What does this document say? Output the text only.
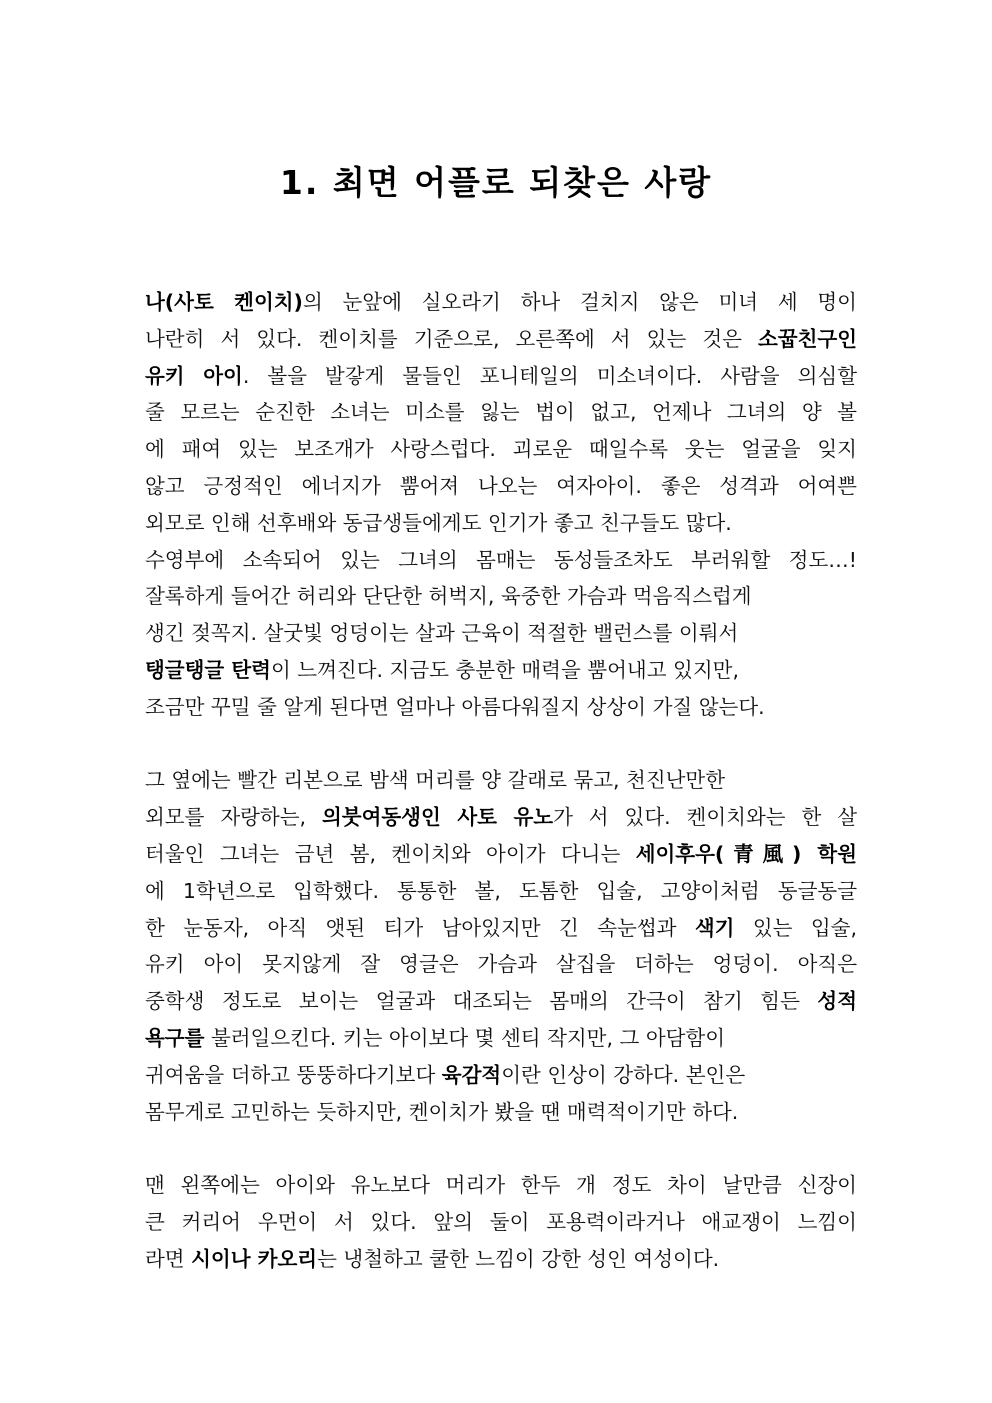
1. 최면 어플로 되찾은 사랑
나(사토 켄이치)의 눈앞에 실오라기 하나 걸치지 않은 미녀 세 명이
나란히 서 있다. 켄이치를 기준으로, 오른쪽에 서 있는 것은 소꿉친구인
유키 아이. 볼을 발갛게 물들인 포니테일의 미소녀이다. 사람을 의심할
줄 모르는 순진한 소녀는 미소를 잃는 법이 없고, 언제나 그녀의 양 볼
에 패여 있는 보조개가 사랑스럽다. 괴로운 때일수록 웃는 얼굴을 잊지
않고 긍정적인 에너지가 뿜어져 나오는 여자아이. 좋은 성격과 어여쁜
외모로 인해 선후배와 동급생들에게도 인기가 좋고 친구들도 많다.
수영부에 소속되어 있는 그녀의 몸매는 동성들조차도 부러워할 정도…!
잘록하게 들어간 허리와 단단한 허벅지, 육중한 가슴과 먹음직스럽게
생긴 젖꼭지. 살굿빛 엉덩이는 살과 근육이 적절한 밸런스를 이뤄서
탱글탱글 탄력이 느껴진다. 지금도 충분한 매력을 뿜어내고 있지만,
조금만 꾸밀 줄 알게 된다면 얼마나 아름다워질지 상상이 가질 않는다.
그 옆에는 빨간 리본으로 밤색 머리를 양 갈래로 묶고, 천진난만한
외모를 자랑하는, 의붓여동생인 사토 유노가 서 있다. 켄이치와는 한 살
터울인 그녀는 금년 봄, 켄이치와 아이가 다니는 세이후우(青風) 학원
에 1학년으로 입학했다. 통통한 볼, 도톰한 입술, 고양이처럼 동글동글
한 눈동자, 아직 앳된 티가 남아있지만 긴 속눈썹과 색기 있는 입술,
유키 아이 못지않게 잘 영글은 가슴과 살집을 더하는 엉덩이. 아직은
중학생 정도로 보이는 얼굴과 대조되는 몸매의 간극이 참기 힘든 성적
욕구를 불러일으킨다. 키는 아이보다 몇 센티 작지만, 그 아담함이
귀여움을 더하고 뚱뚱하다기보다 육감적이란 인상이 강하다. 본인은
몸무게로 고민하는 듯하지만, 켄이치가 봤을 땐 매력적이기만 하다.
맨 왼쪽에는 아이와 유노보다 머리가 한두 개 정도 차이 날만큼 신장이
큰 커리어 우먼이 서 있다. 앞의 둘이 포용력이라거나 애교쟁이 느낌이
라면 시이나 카오리는 냉철하고 쿨한 느낌이 강한 성인 여성이다.
